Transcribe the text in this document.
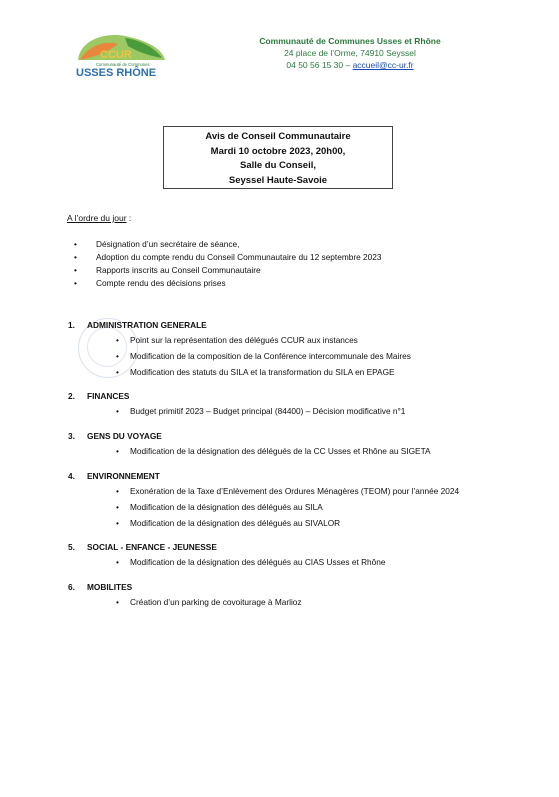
CCUR
Communauté de Communes
USSES RHÔNE
Communauté de Communes Usses et Rhône
24 place de l’Orme, 74910 Seyssel
04 50 56 15 30 – accueil@cc-ur.fr
Avis de Conseil Communautaire
Mardi 10 octobre 2023, 20h00,
Salle du Conseil,
Seyssel Haute-Savoie
A l’ordre du jour :
• Désignation d’un secrétaire de séance,
• Adoption du compte rendu du Conseil Communautaire du 12 septembre 2023
• Rapports inscrits au Conseil Communautaire
• Compte rendu des décisions prises
1. ADMINISTRATION GENERALE
• Point sur la représentation des délégués CCUR aux instances
• Modification de la composition de la Conférence intercommunale des Maires
• Modification des statuts du SILA et la transformation du SILA en EPAGE
2. FINANCES
• Budget primitif 2023 – Budget principal (84400) – Décision modificative n°1
3. GENS DU VOYAGE
• Modification de la désignation des délégués de la CC Usses et Rhône au SIGETA
4. ENVIRONNEMENT
• Exonération de la Taxe d’Enlèvement des Ordures Ménagères (TEOM) pour l’année 2024
• Modification de la désignation des délégués au SILA
• Modification de la désignation des délégués au SIVALOR
5. SOCIAL - ENFANCE - JEUNESSE
• Modification de la désignation des délégués au CIAS Usses et Rhône
6. MOBILITES
• Création d’un parking de covoiturage à Marlioz
